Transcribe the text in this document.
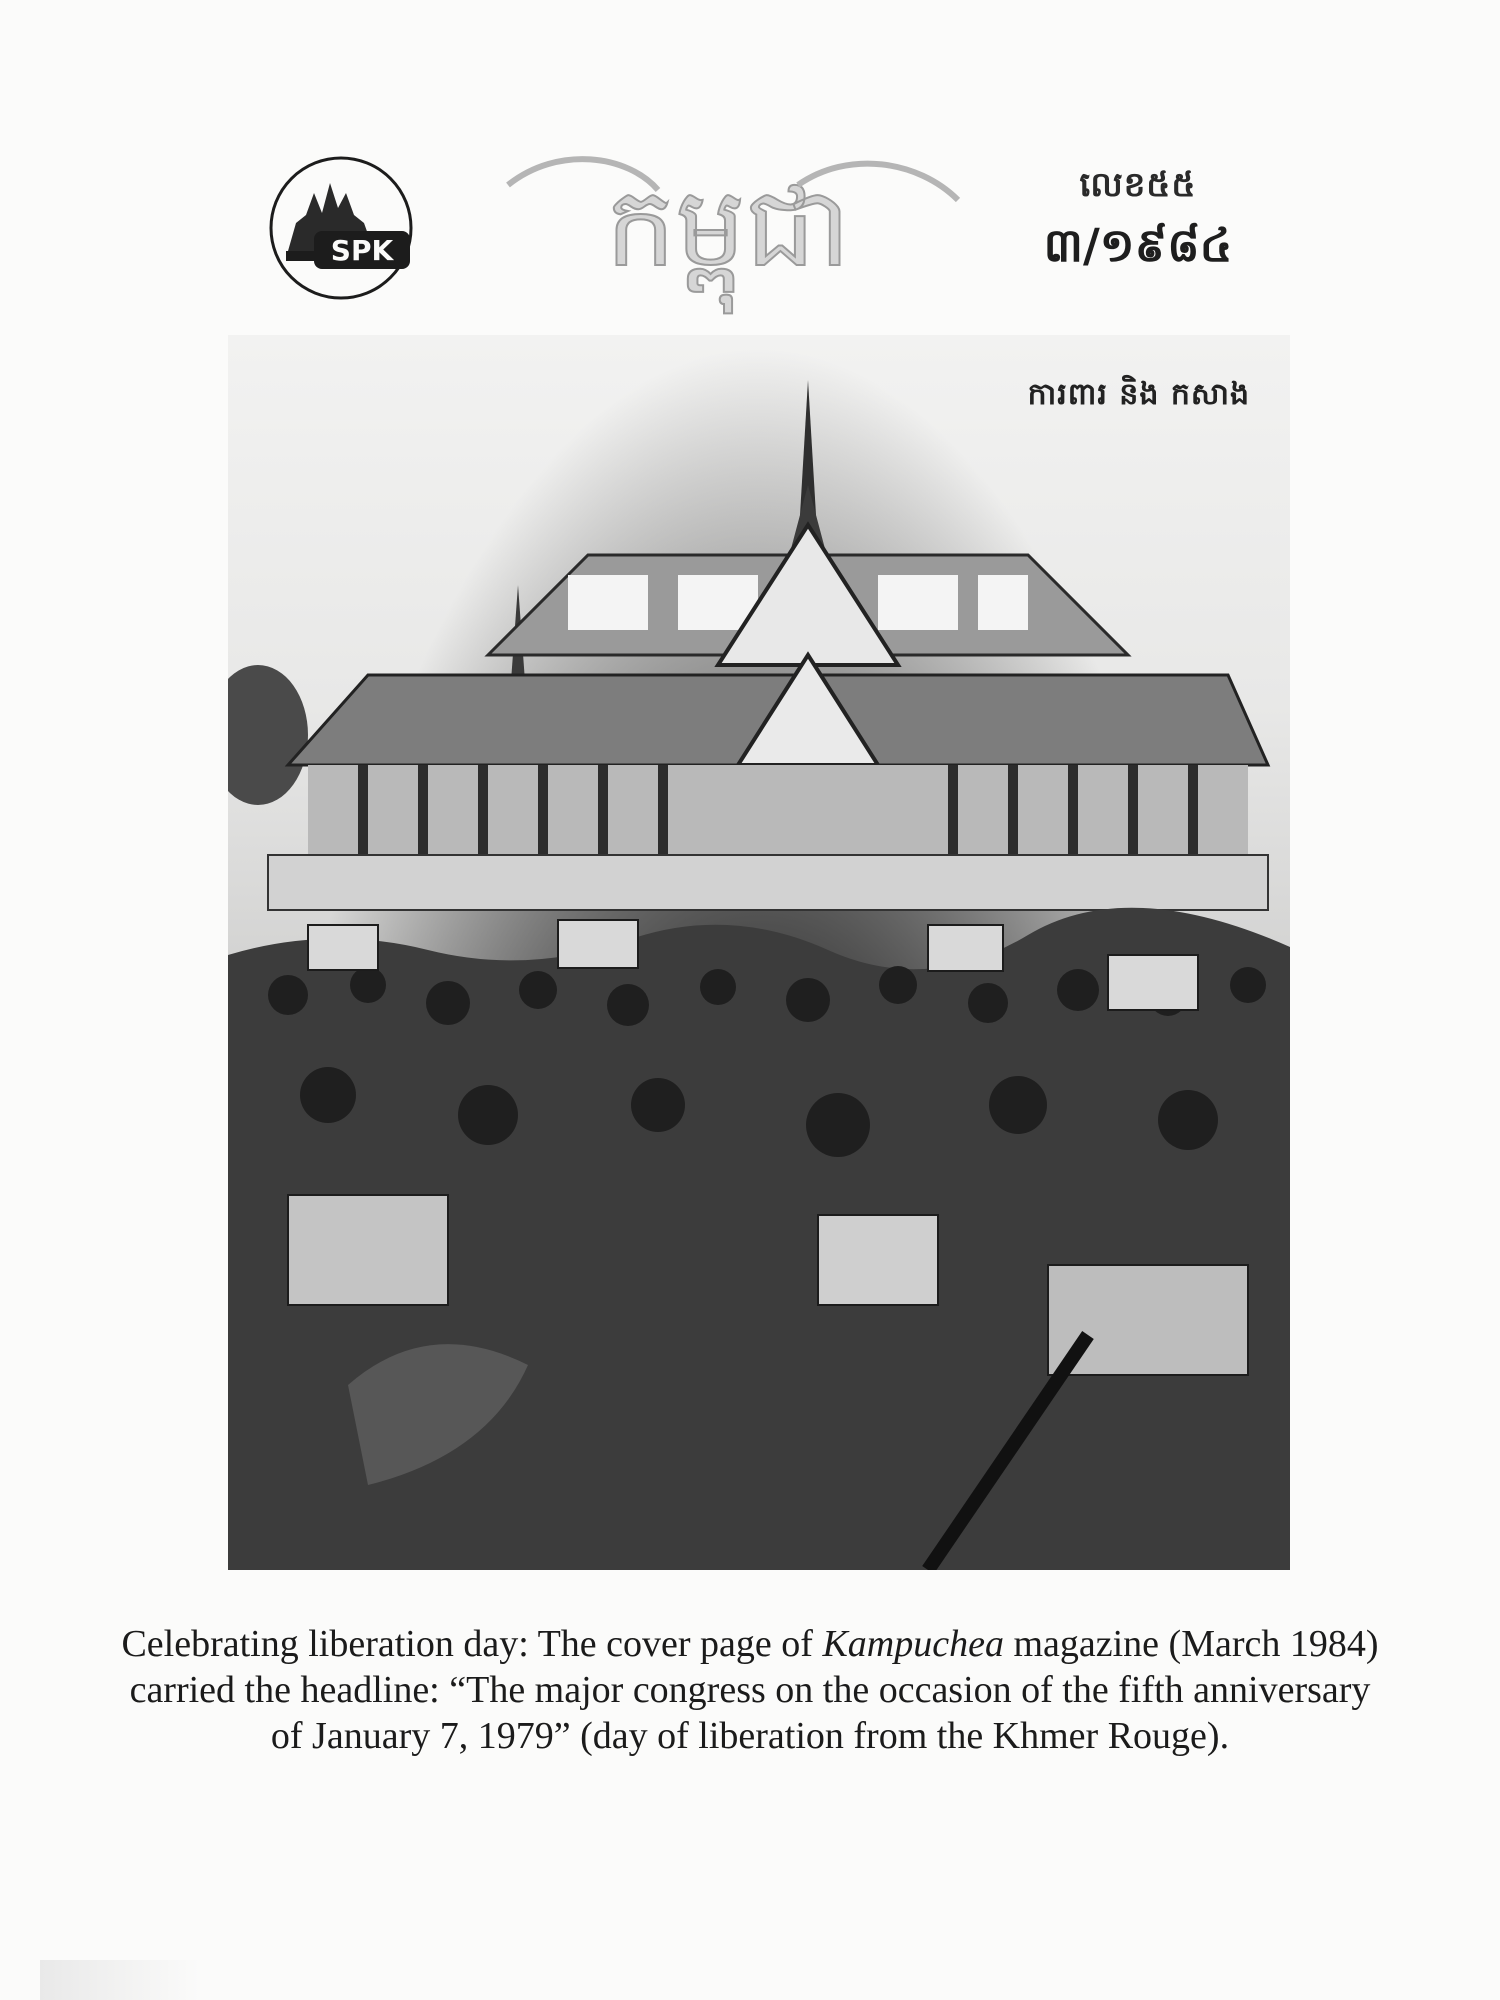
SPK កម្ពុជា	លេខ៥៥
៣/១៩៨៤
ការពារ និង កសាង

Celebrating liberation day: The cover page of Kampuchea magazine (March 1984) carried the headline: “The major congress on the occasion of the fifth anniversary of January 7, 1979” (day of liberation from the Khmer Rouge).
